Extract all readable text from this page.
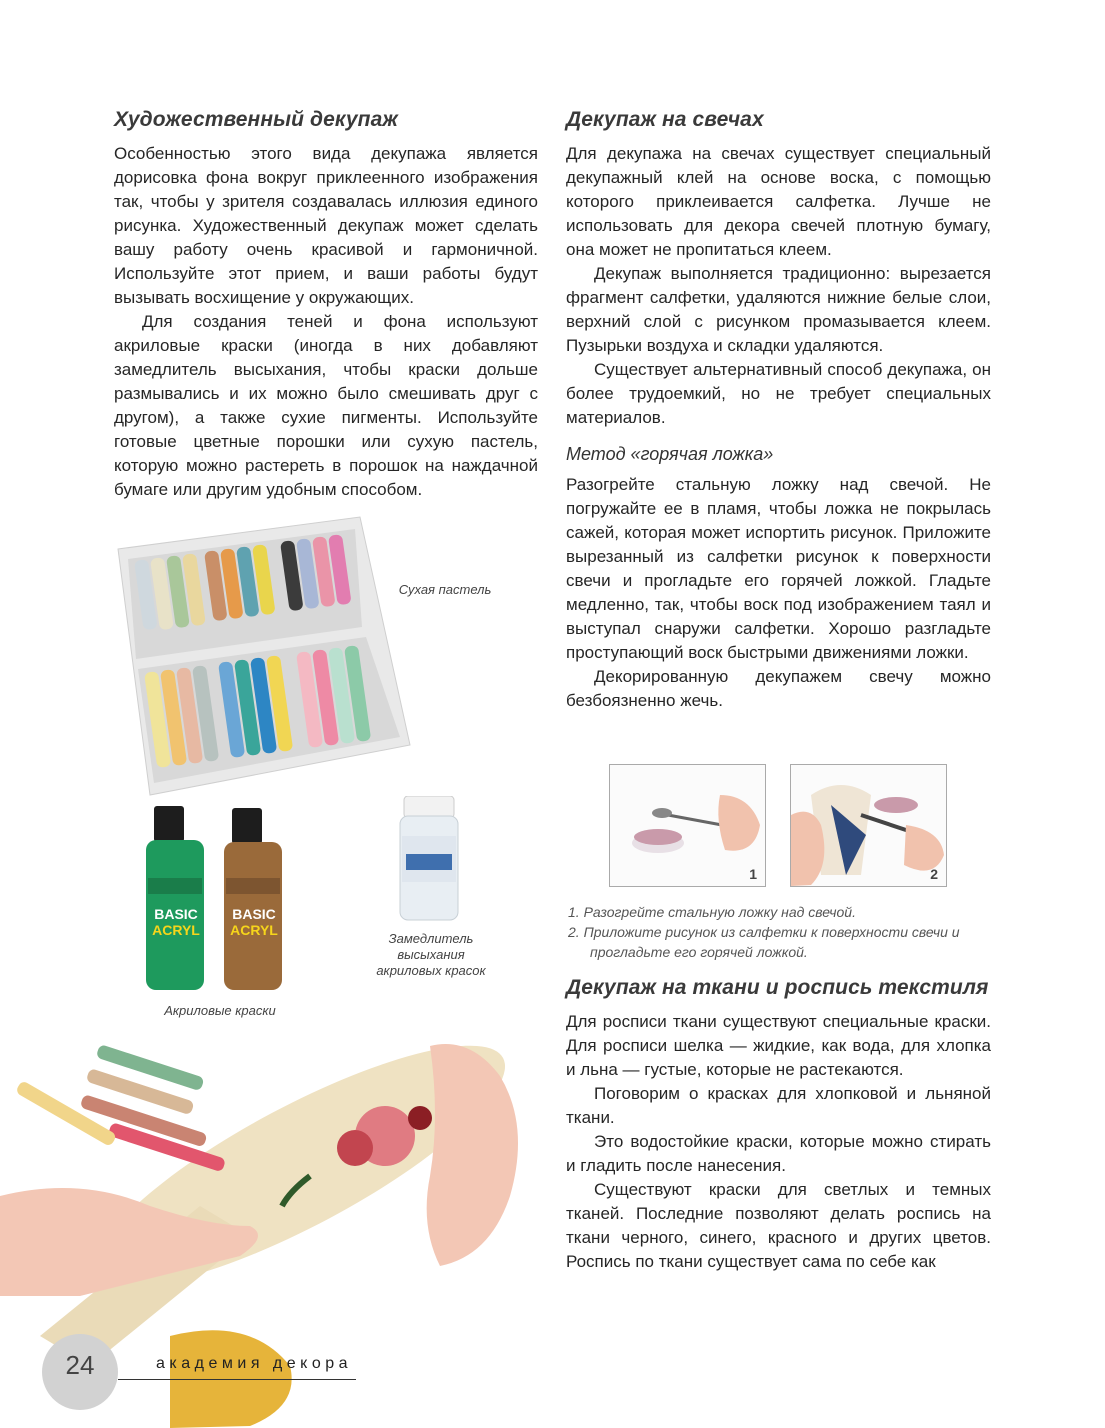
Художественный декупаж

Особенностью этого вида декупажа является дорисовка фона вокруг приклеенного изображения так, чтобы у зрителя создавалась иллюзия единого рисунка. Художественный декупаж может сделать вашу работу очень красивой и гармоничной. Используйте этот прием, и ваши работы будут вызывать восхищение у окружающих.

Для создания теней и фона используют акриловые краски (иногда в них добавляют замедлитель высыхания, чтобы краски дольше размывались и их можно было смешивать друг с другом), а также сухие пигменты. Используйте готовые цветные порошки или сухую пастель, которую можно растереть в порошок на наждачной бумаге или другим удобным способом.

Сухая пастель
BASIC
ACRYL
BASIC
ACRYL
Акриловые краски
Замедлитель высыхания акриловых красок
Декупаж на свечах

Для декупажа на свечах существует специальный декупажный клей на основе воска, с помощью которого приклеивается салфетка. Лучше не использовать для декора свечей плотную бумагу, она может не пропитаться клеем.

Декупаж выполняется традиционно: вырезается фрагмент салфетки, удаляются нижние белые слои, верхний слой с рисунком промазывается клеем. Пузырьки воздуха и складки удаляются.

Существует альтернативный способ декупажа, он более трудоемкий, но не требует специальных материалов.

Метод «горячая ложка»

Разогрейте стальную ложку над свечой. Не погружайте ее в пламя, чтобы ложка не покрылась сажей, которая может испортить рисунок. Приложите вырезанный из салфетки рисунок к поверхности свечи и прогладьте его горячей ложкой. Гладьте медленно, так, чтобы воск под изображением таял и выступал снаружи салфетки. Хорошо разгладьте проступающий воск быстрыми движениями ложки.

Декорированную декупажем свечу можно безбоязненно жечь.

1	2
1. Разогрейте стальную ложку над свечой.
2. Приложите рисунок из салфетки к поверхности свечи и прогладьте его горячей ложкой.
Декупаж на ткани и роспись текстиля

Для росписи ткани существуют специальные краски. Для росписи шелка — жидкие, как вода, для хлопка и льна — густые, которые не растекаются.

Поговорим о красках для хлопковой и льняной ткани.

Это водостойкие краски, которые можно стирать и гладить после нанесения.

Существуют краски для светлых и темных тканей. Последние позволяют делать роспись на ткани черного, синего, красного и других цветов. Роспись по ткани существует сама по себе как

24	академия декора
